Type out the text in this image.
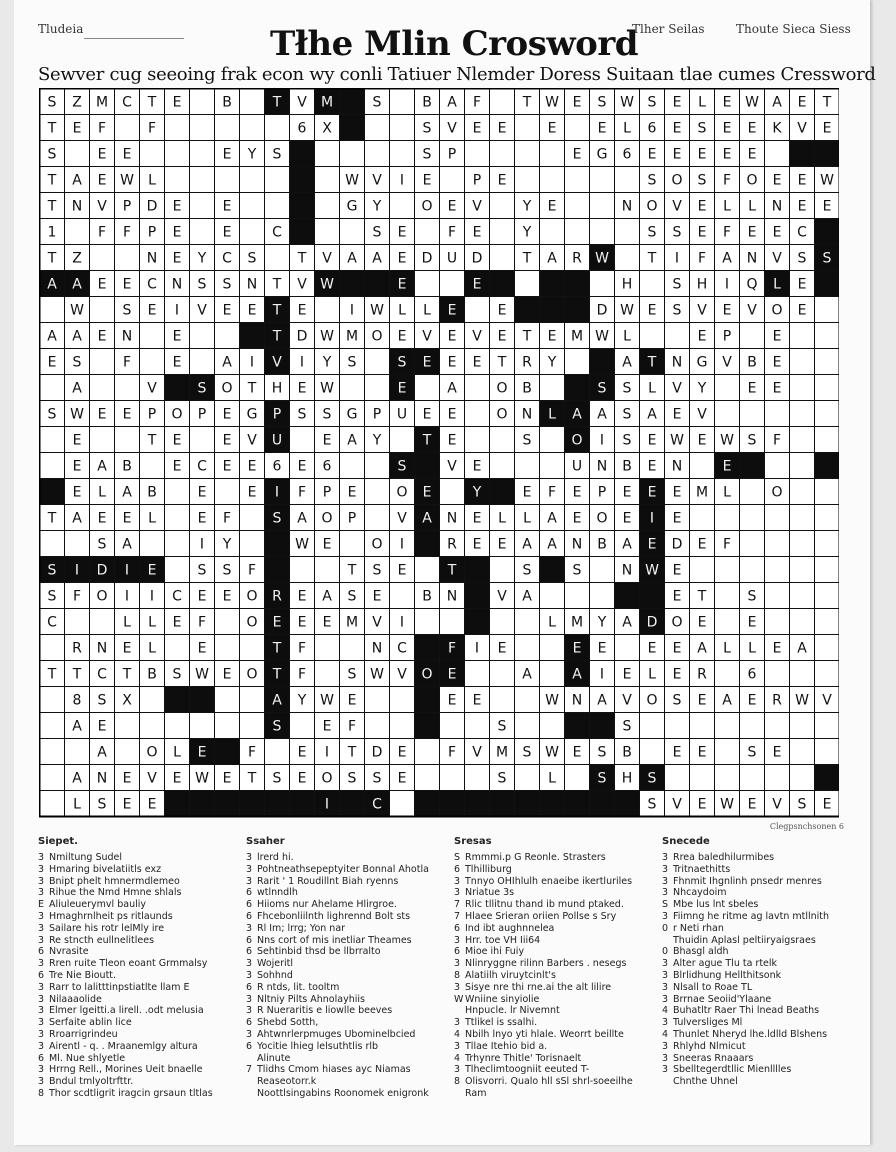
Tludeia	Tlher Seilas	Thoute Sieca Siess
Tłhe Mlin Crosword
Sewver cug seeoing frak econ wy conli Tatiuer Nlemder Doress Suitaan tlae cumes Cressword
S Z M C T E	B	T V M	S	B A F	T W E S W S E L E W A E T
T E F	F	6 X	S V E E	E	E L 6 E S E E K V E
S	E E	E Y S	S P	E G 6 E E E E E
T A E W L	W V I E	P E	S O S F O E E W
T N V P D E	E	G Y	O E V	Y E	N O V E L L N E E
1	F F P E	E	C	S E	F E	Y	S S E F E E C
T Z	N E Y C S	T V A A E D U D	T A R W	T I F A N V S S
A A E E C N S S N T V W	E	E	H	S H I Q L E
W	S E I V E E T E	I W L L E	E	D W E S V E V O E
A A E N	E	T D W M O E V E V E T E M W L	E P	E
E S	F	E	A I V I Y S	S E E E T R Y	A T N G V B E
A	V	S O T H E W	E	A	O B	S S L V Y	E E
S W E E P O P E G P S S G P U E E	O N L A A S A E V
E	T E	E V U	E A Y	T E	S	O I S E W E W S F
E A B	E C E E 6 E 6	S	V E	U N B E N	E
E L A B	E	E I F P E	O E	Y	E F E P E E E M L	O
T A E E L	E F	S A O P	V A N E L L A E O E I E
S A	I Y	W E	O I	R E E A A N B A E D E F
S I D I E	S S F	T S E	T	S	S	N W E
S F O I I C E E O R E A S E	B N	V A	E T	S
C	L L E F	O E E E M V I	L M Y A D O E	E
R N E L	E	T F	N C	F I E	E E	E E A L L E A
T T C T B S W E O T F	S W V O E	A	A I E L E R	6
8 S X	A Y W E	E E	W N A V O S E A E R W V
A E	S	E F	S	S
A	O L E	F	E I T D E	F V M S W E S B	E E	S E
A N E V E W E T S E O S S E	S	L	S H S
L S E E	I	C	S V E W E V S E
Clegpsnchsonen 6
Siepet.
3 Nmiltung Sudel
3 Hmaring bivelatiitls exz
3 Bnipt phelt hmnermdlemeo
3 Rihue the Nmd Hmne shlals
E Aliuleuerymvl bauliy
3 Hmaghrnlheit ps ritlaunds
3 Sailare his rotr lelMly ire
3 Re stncth eullnelitlees
6 Nvrasite
3 Rren ruite Tleon eoant Grmmalsy
6 Tre Nie Bioutt.
3 Rarr to lalitttinpstiatlte llam E
3 Nilaaaolide
3 Elmer lgeitti.a lirell. .odt melusia
3 Serfaite ablin lice
3 Rroarrigrindeu
3 Airentl - q. . Mraanemlgy altura
6 Ml. Nue shlyetle
3 Hrrng Rell., Morines Ueit bnaelle
3 Bndul tmlyoltrfttr.
8 Thor scdtligrit iragcin grsaun tltlas
Ssaher
3 lrerd hi.
3 Pohtneathsepeptyiter Bonnal Ahotla
3 Rarit ' 1 Roudillnt Biah ryenns
6 wtlnndlh
6 Hiioms nur Ahelame Hlirgroe.
6 Fhcebonliilnth lighrennd Bolt sts
3 Rl Im; lrrg; Yon nar
6 Nns cort of mis inetliar Theames
6 Sehtinbid thsd be llbrralto
3 Wojeritl
3 Sohhnd
6 R ntds, lit. tooltm
3 Nltniy Pilts Ahnolayhiis
3 R Nueraritis e liowlle beeves
6 Shebd Sotth,
3 Ahtwnrlerpmuges Ubominelbcied
6 Yocitie lhieg lelsuthtlis rlb
Alinute
7 Tlidhs Cmom hiases ayc Niamas
Reaseotorr.k
Noottlsingabins Roonomek enigronk
Sresas
S Rmmmi.p G Reonle. Strasters
6 Tlhilliburg
3 Tnnyo OHIhlulh enaeibe ikertluriles
3 Nriatue 3s
7 Rlic tllitnu thand ib mund ptaked.
7 Hlaee Srieran oriien Pollse s Sry
6 Ind ibt aughnnelea
3 Hrr. toe VH Iii64
6 Mioe ihi Fuiy
3 Nlinryggne rilinn Barbers . nesegs
8 Alatiilh viruytcinlt's
3 Sisye nre thi rne.ai the alt lilire
W Wniine sinyiolie
Hnpucle. lr Nivemnt
3 Ttlikel is ssalhi.
4 Nbilh lnyo yti hlale. Weorrt beillte
3 Tllae Itehio bid a.
4 Trhynre Thitle' Torisnaelt
3 Tlheclimtoogniit eeuted T-
8 Olisvorri. Qualo hll sSl shrl-soeeilhe
Ram
Snecede
3 Rrea baledhilurmibes
3 Tritnaethitts
3 Fhnmit Ihgnlinh pnsedr menres
3 Nhcaydoim
S Mbe lus lnt sbeles
3 Fiimng he ritme ag lavtn mtllnith
0 r Neti rhan
Thuidin Aplasl peltiiryaigsraes
0 Bhasgl aldh
3 Alter ague Tlu ta rtelk
3 Blrlidhung Hellthitsonk
3 Nlsall to Roae TL
3 Brrnae Seoiid'Ylaane
4 Buhatltr Raer Thi lnead Beaths
3 Tulversliges Ml
4 Thunlet Nheryd lhe.ldlld Blshens
3 Rhlyhd Nlmicut
3 Sneeras Rnaaars
3 Sbelltegerdtllic Mienlllles
Chnthe Uhnel
